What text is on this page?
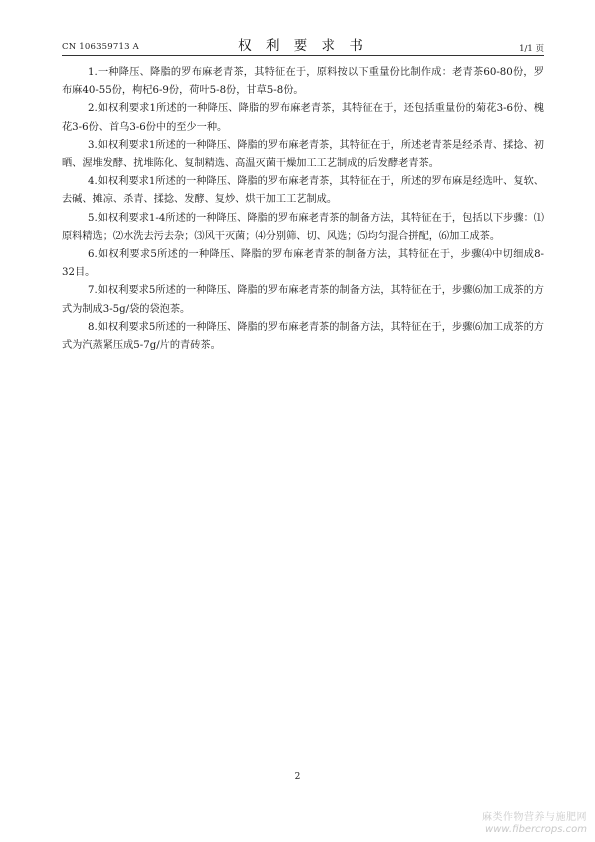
CN 106359713 A	权 利 要 求 书	1/1 页

1.一种降压、降脂的罗布麻老青茶，其特征在于，原料按以下重量份比制作成：老青茶60-80份，罗布麻40-55份，枸杞6-9份，荷叶5-8份，甘草5-8份。

2.如权利要求1所述的一种降压、降脂的罗布麻老青茶，其特征在于，还包括重量份的菊花3-6份、槐花3-6份、首乌3-6份中的至少一种。

3.如权利要求1所述的一种降压、降脂的罗布麻老青茶，其特征在于，所述老青茶是经杀青、揉捻、初晒、渥堆发酵、扰堆陈化、复制精选、高温灭菌干燥加工工艺制成的后发酵老青茶。

4.如权利要求1所述的一种降压、降脂的罗布麻老青茶，其特征在于，所述的罗布麻是经选叶、复软、去碱、摊凉、杀青、揉捻、发酵、复炒、烘干加工工艺制成。

5.如权利要求1-4所述的一种降压、降脂的罗布麻老青茶的制备方法，其特征在于，包括以下步骤：⑴原料精选；⑵水洗去污去杂；⑶风干灭菌；⑷分别筛、切、风选；⑸均匀混合拼配，⑹加工成茶。

6.如权利要求5所述的一种降压、降脂的罗布麻老青茶的制备方法，其特征在于，步骤⑷中切细成8-32目。

7.如权利要求5所述的一种降压、降脂的罗布麻老青茶的制备方法，其特征在于，步骤⑹加工成茶的方式为制成3-5g/袋的袋泡茶。

8.如权利要求5所述的一种降压、降脂的罗布麻老青茶的制备方法，其特征在于，步骤⑹加工成茶的方式为汽蒸紧压成5-7g/片的青砖茶。

2
麻类作物营养与施肥网
www.fibercrops.com
